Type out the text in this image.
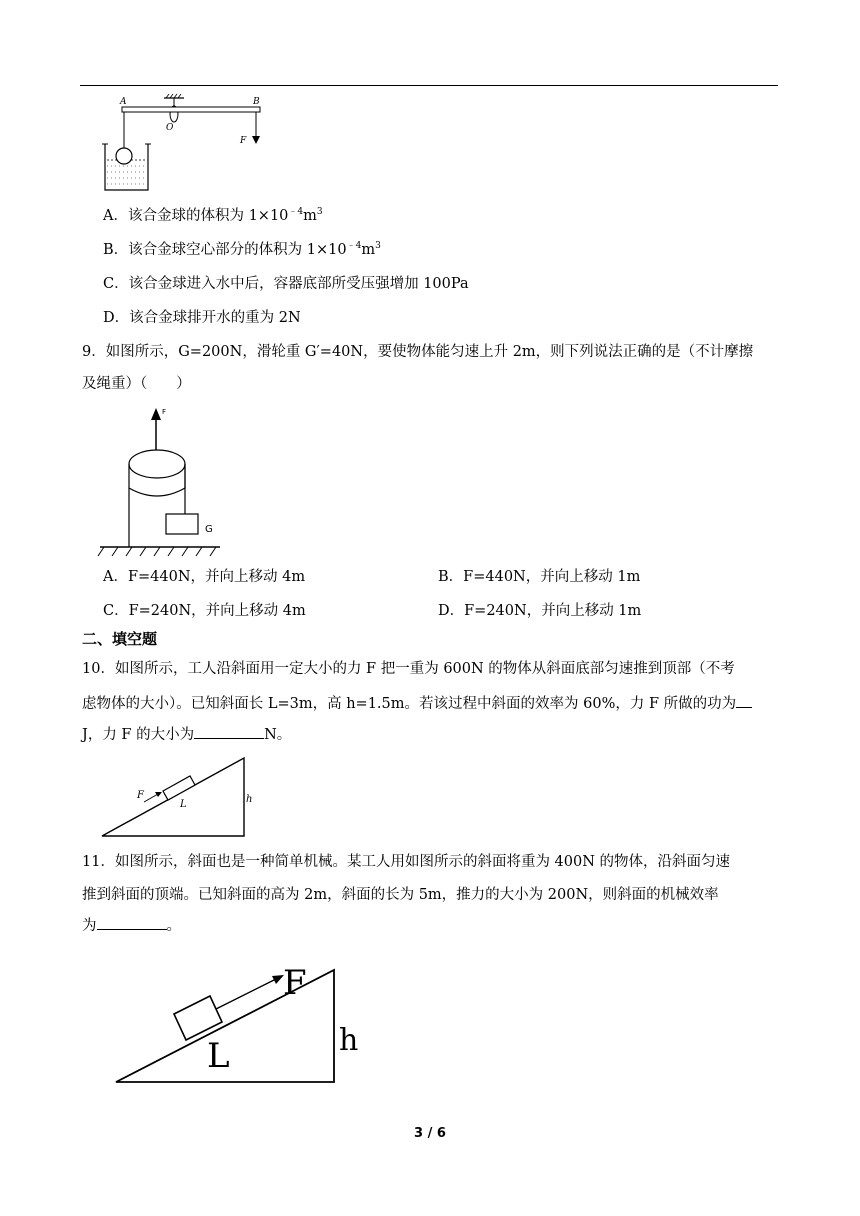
A
O
B
F
A．该合金球的体积为 $1\times 10^{﹣4}m^3$
B．该合金球空心部分的体积为 $1\times 10^{﹣4}m^3$
C．该合金球进入水中后，容器底部所受压强增加 100Pa
D．该合金球排开水的重为 2N
9．如图所示，G=200N，滑轮重 G′=40N，要使物体能匀速上升 2m，则下列说法正确的是（不计摩擦
及绳重）（　　）
F
G
A．F=440N，并向上移动 4m	B．F=440N，并向上移动 1m
C．F=240N，并向上移动 4m	D．F=240N，并向上移动 1m
二、填空题
10．如图所示，工人沿斜面用一定大小的力 F 把一重为 600N 的物体从斜面底部匀速推到顶部（不考
虑物体的大小）。已知斜面长 L=3m，高 h=1.5m。若该过程中斜面的效率为 60%，力 F 所做的功为
J，力 F 的大小为	N。
F
L	h
11．如图所示，斜面也是一种简单机械。某工人用如图所示的斜面将重为 400N 的物体，沿斜面匀速
推到斜面的顶端。已知斜面的高为 2m，斜面的长为 5m，推力的大小为 200N，则斜面的机械效率
为	。
F
L	h
3 / 6
